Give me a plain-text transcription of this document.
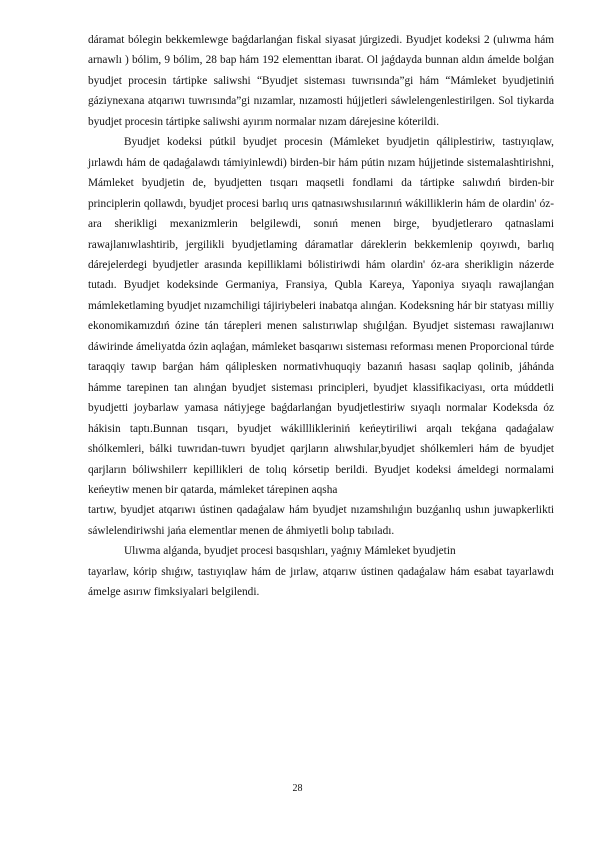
dáramat bólegin bekkemlewge baǵdarlanǵan fiskal siyasat júrgizedi. Byudjet kodeksi 2 (ulıwma hám arnawlı ) bólim, 9 bólim, 28 bap hám 192 elementtan ibarat. Ol jaǵdayda bunnan aldın ámelde bolǵan byudjet procesin tártipke saliwshi “Byudjet sisteması tuwrısında”gi hám “Mámleket byudjetiniń gáziynexana atqarıwı tuwrısında”gi nızamlar, nızamosti hújjetleri sáwlelengenlestirilgen. Sol tiykarda byudjet procesin tártipke saliwshi ayırım normalar nızam dárejesine kóterildi.

Byudjet kodeksi pútkil byudjet procesin (Mámleket byudjetin qáliplestiriw, tastıyıqlaw, jırlawdı hám de qadaǵalawdı támiyinlewdi) birden-bir hám pútin nızam hújjetinde sistemalashtirishni, Mámleket byudjetin de, byudjetten tısqarı maqsetli fondlami da tártipke salıwdıń birden-bir principlerin qollawdı, byudjet procesi barlıq urıs qatnasıwshısılarınıń wákilliklerin hám de olardin' óz-ara sherikligi mexanizmlerin belgilewdi, sonıń menen birge, byudjetleraro qatnaslami rawajlanıwlashtirib, jergilikli byudjetlaming dáramatlar dáreklerin bekkemlenip qoyıwdı, barlıq dárejelerdegi byudjetler arasında kepilliklami bólistiriwdi hám olardin' óz-ara sherikligin názerde tutadı. Byudjet kodeksinde Germaniya, Fransiya, Qubla Kareya, Yaponiya sıyaqlı rawajlanǵan mámleketlaming byudjet nızamchiligi tájiriybeleri inabatqa alınǵan. Kodeksning hár bir statyası milliy ekonomikamızdıń ózine tán tárepleri menen salıstırıwlap shıǵılǵan. Byudjet sisteması rawajlanıwı dáwirinde ámeliyatda ózin aqlaǵan, mámleket basqarıwı sisteması reforması menen Proporcional túrde taraqqiy tawıp barǵan hám qáliplesken normativhuquqiy bazanıń hasası saqlap qolinib, jáhánda hámme tarepinen tan alınǵan byudjet sisteması principleri, byudjet klassifikaciyası, orta múddetli byudjetti joybarlaw yamasa nátiyjege baǵdarlanǵan byudjetlestiriw sıyaqlı normalar Kodeksda óz hákisin taptı.Bunnan tısqarı, byudjet wákilllikleriniń keńeytiriliwi arqalı tekǵana qadaǵalaw shólkemleri, bálki tuwrıdan-tuwrı byudjet qarjların alıwshılar,byudjet shólkemleri hám de byudjet qarjların bóliwshilerr kepillikleri de tolıq kórsetip berildi. Byudjet kodeksi ámeldegi normalami keńeytiw menen bir qatarda, mámleket tárepinen aqsha

tartıw, byudjet atqarıwı ústinen qadaǵalaw hám byudjet nızamshılıǵın buzǵanlıq ushın juwapkerlikti sáwlelendiriwshi jańa elementlar menen de áhmiyetli bolıp tabıladı.

Ulıwma alǵanda, byudjet procesi basqıshları, yaǵnıy Mámleket byudjetin

tayarlaw, kórip shıǵıw, tastıyıqlaw hám de jırlaw, atqarıw ústinen qadaǵalaw hám esabat tayarlawdı ámelge asırıw fimksiyalari belgilendi.

28
